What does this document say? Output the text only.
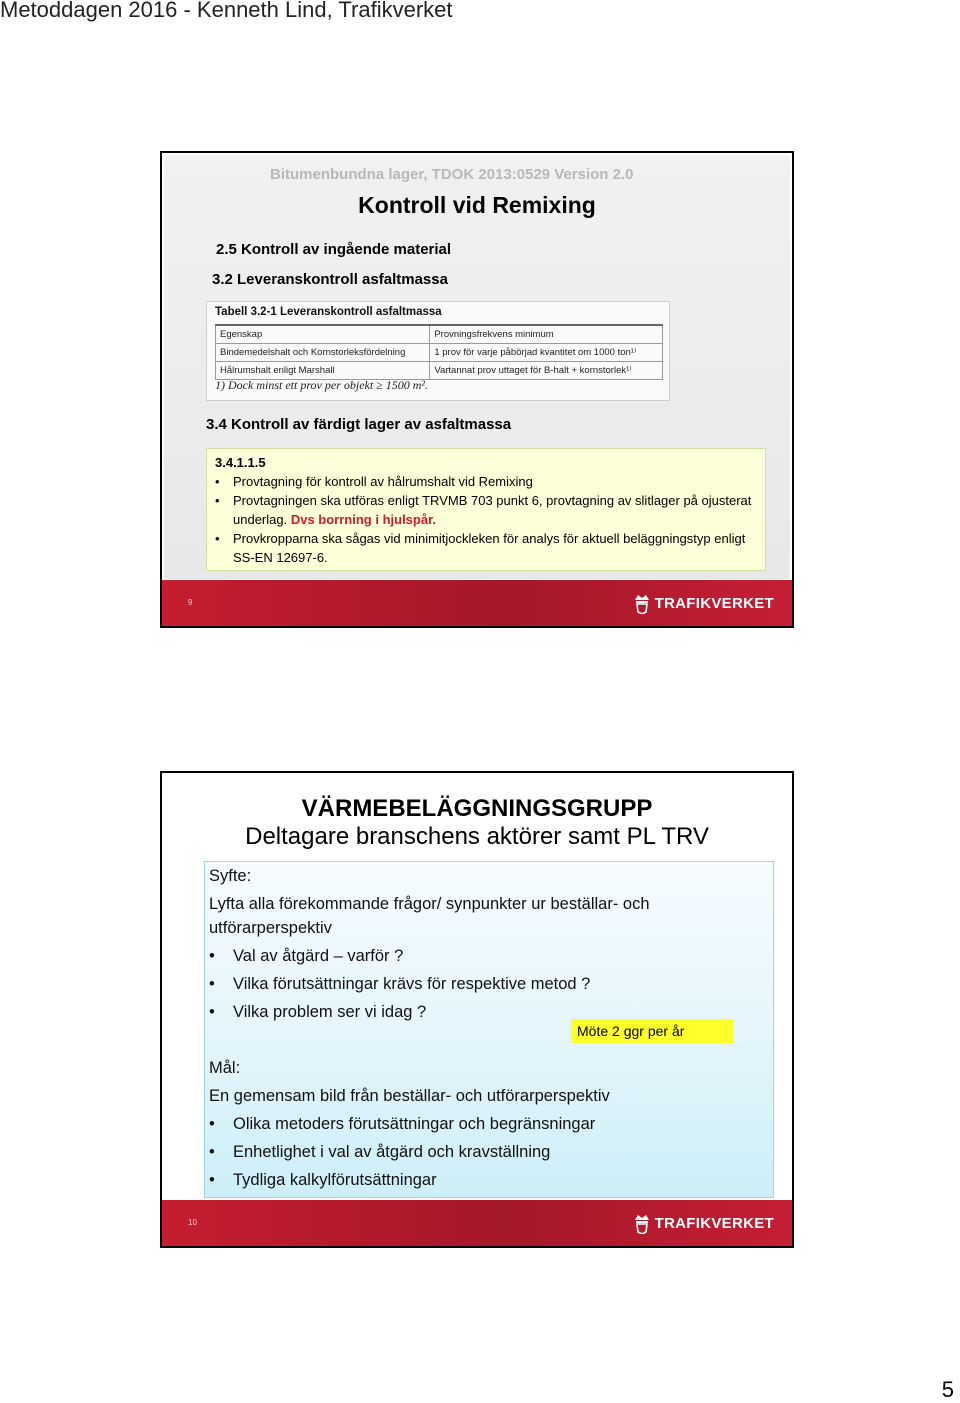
Metoddagen 2016 - Kenneth Lind, Trafikverket
Bitumenbundna lager, TDOK 2013:0529 Version 2.0
Kontroll vid Remixing
2.5 Kontroll av ingående material
3.2 Leveranskontroll asfaltmassa
Tabell 3.2-1 Leveranskontroll asfaltmassa
Egenskap	Provningsfrekvens minimum
Bindemedelshalt och Kornstorleksfördelning	1 prov för varje påbörjad kvantitet om 1000 ton¹⁾
Hålrumshalt enligt Marshall	Vartannat prov uttaget för B-halt + kornstorlek¹⁾
1) Dock minst ett prov per objekt ≥ 1500 m².
3.4 Kontroll av färdigt lager av asfaltmassa
3.4.1.1.5
• Provtagning för kontroll av hålrumshalt vid Remixing
• Provtagningen ska utföras enligt TRVMB 703 punkt 6, provtagning av slitlager på ojusterat underlag. Dvs borrning i hjulspår.
• Provkropparna ska sågas vid minimitjockleken för analys för aktuell beläggningstyp enligt SS-EN 12697-6.
9	TRAFIKVERKET
VÄRMEBELÄGGNINGSGRUPP
Deltagare branschens aktörer samt PL TRV
Syfte:
Lyfta alla förekommande frågor/ synpunkter ur beställar- och utförarperspektiv
• Val av åtgärd – varför ?
• Vilka förutsättningar krävs för respektive metod ?
• Vilka problem ser vi idag ?
Möte 2 ggr per år
Mål:
En gemensam bild från beställar- och utförarperspektiv
• Olika metoders förutsättningar och begränsningar
• Enhetlighet i val av åtgärd och kravställning
• Tydliga kalkylförutsättningar
10	TRAFIKVERKET
5
